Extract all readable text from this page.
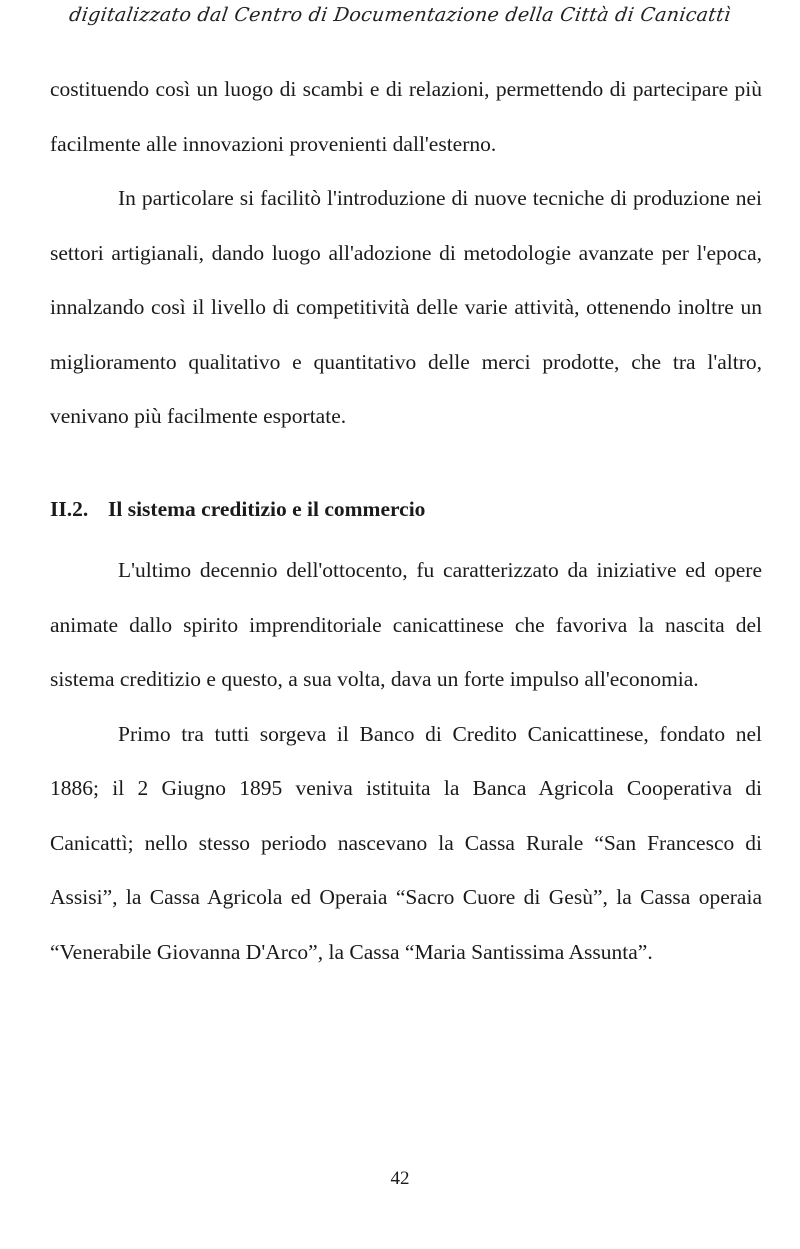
digitalizzato dal Centro di Documentazione della Città di Canicattì

costituendo così un luogo di scambi e di relazioni, permettendo di partecipare più facilmente alle innovazioni provenienti dall'esterno.

In particolare si facilitò l'introduzione di nuove tecniche di produzione nei settori artigianali, dando luogo all'adozione di metodologie avanzate per l'epoca, innalzando così il livello di competitività delle varie attività, ottenendo inoltre un miglioramento qualitativo e quantitativo delle merci prodotte, che tra l'altro, venivano più facilmente esportate.

II.2. Il sistema creditizio e il commercio

L'ultimo decennio dell'ottocento, fu caratterizzato da iniziative ed opere animate dallo spirito imprenditoriale canicattinese che favoriva la nascita del sistema creditizio e questo, a sua volta, dava un forte impulso all'economia.

Primo tra tutti sorgeva il Banco di Credito Canicattinese, fondato nel 1886; il 2 Giugno 1895 veniva istituita la Banca Agricola Cooperativa di Canicattì; nello stesso periodo nascevano la Cassa Rurale “San Francesco di Assisi”, la Cassa Agricola ed Operaia “Sacro Cuore di Gesù”, la Cassa operaia “Venerabile Giovanna D'Arco”, la Cassa “Maria Santissima Assunta”.

42
